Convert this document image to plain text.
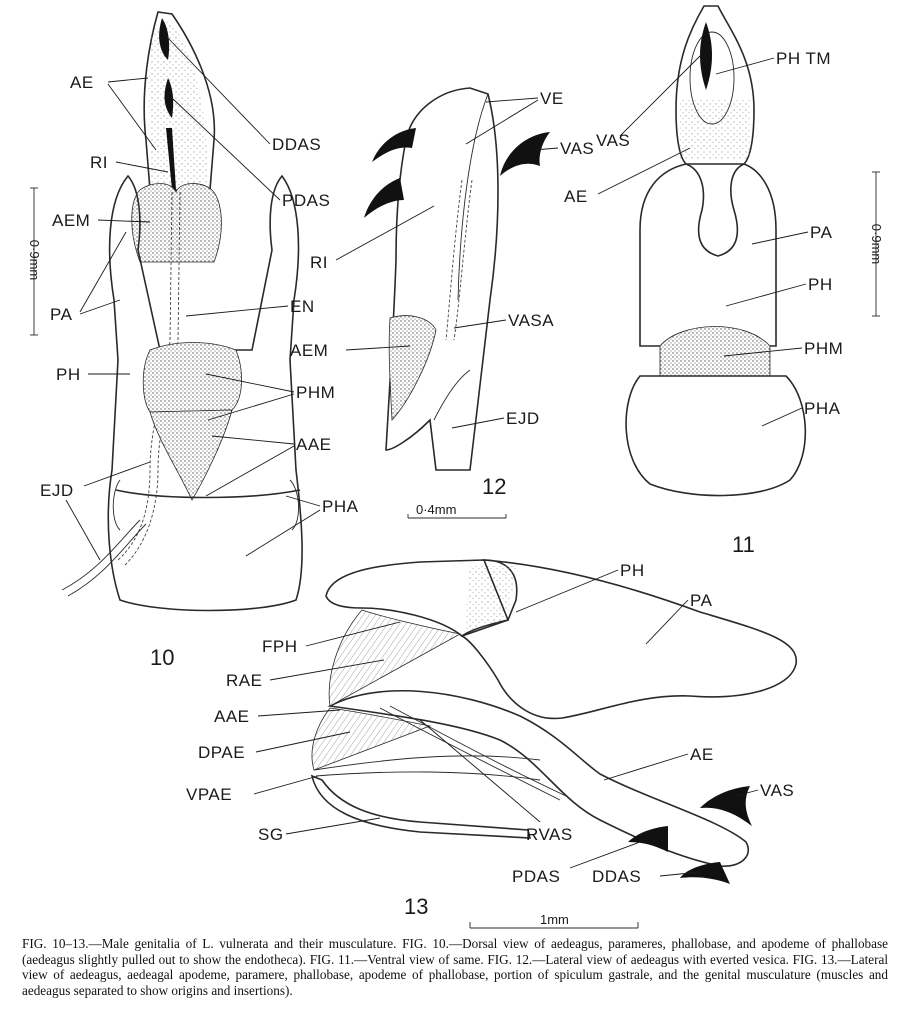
0·9mm
10
AE
RI
AEM
PA	EN
PH
PHM
AAE
EJD
PHA
DDAS
PDAS
12
0·4mm
VE
VAS
RI
VASA
AEM
EJD
0·9mm
11
PH TM
VAS
AE
PA
PH
PHM
PHA
13
1mm
PH
PA
FPH
RAE
AAE
DPAE
VPAE
SG
AE
VAS
RVAS
PDAS DDAS
FIG. 10–13.—Male genitalia of L. vulnerata and their musculature. FIG. 10.—Dorsal view of aedeagus, parameres, phallobase, and apodeme of phallobase (aedeagus slightly pulled out to show the endotheca). FIG. 11.—Ventral view of same. FIG. 12.—Lateral view of aedeagus with everted vesica. FIG. 13.—Lateral view of aedeagus, aedeagal apodeme, paramere, phallobase, apodeme of phallobase, portion of spiculum gastrale, and the genital musculature (muscles and aedeagus separated to show origins and insertions).
